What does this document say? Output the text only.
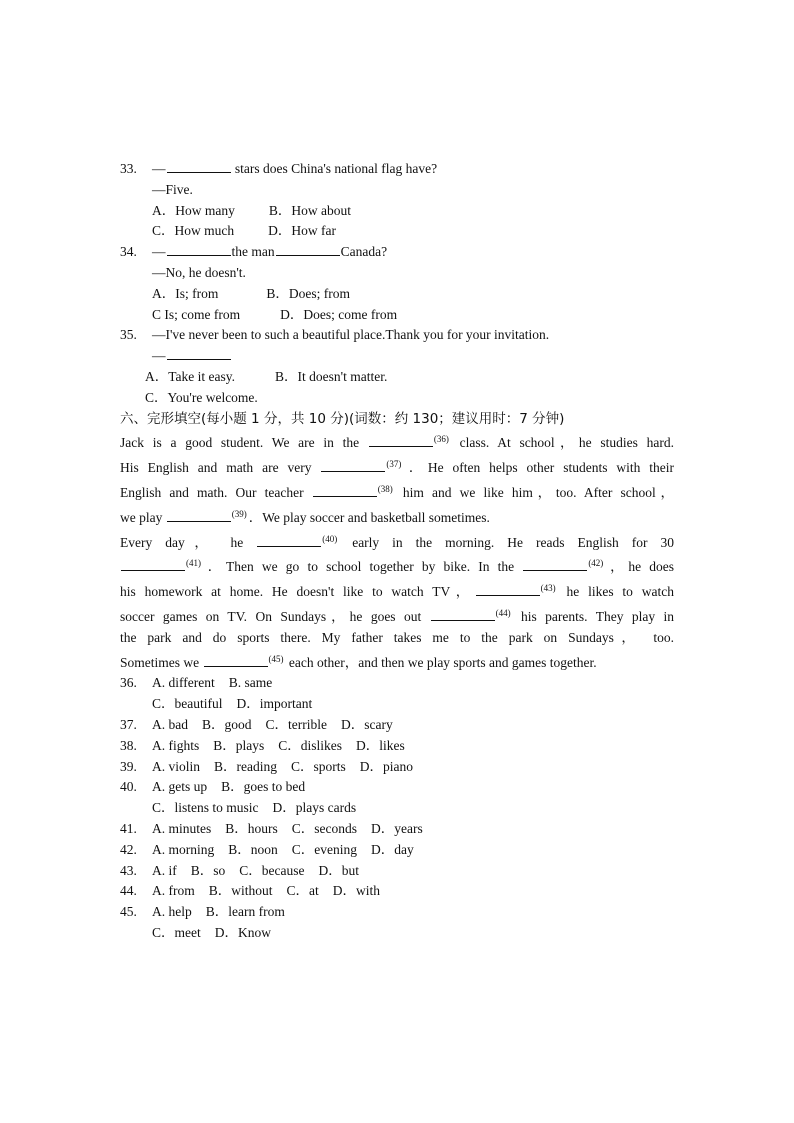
33. —	stars does China's national flag have?
—Five.
A．How many	B．How about
C．How much	D．How far
34. —	the man	Canada?
—No, he doesn't.
A．Is; from	B．Does; from
C Is; come from	D．Does; come from
35. —I've never been to such a beautiful place.Thank you for your invitation.
—
A．Take it easy.	B．It doesn't matter.
C．You're welcome.
六、完形填空(每小题 1 分，共 10 分)(词数：约 130；建议用时：7 分钟)
Jack is a good student. We are in the	$^{(36)}$ class. At school，he studies hard.
His English and math are very	$^{(37)}$ ．He often helps other students with their
English and math. Our teacher	$^{(38)}$ him and we like him，too. After school，
we play	$^{(39)}$ ．We play soccer and basketball sometimes.
Every day， he	$^{(40)}$ early in the morning. He reads English for 30
$^{(41)}$ ．Then we go to school together by bike. In the	$^{(42)}$ ，he does
his homework at home. He doesn't like to watch TV，	$^{(43)}$ he likes to watch
soccer games on TV. On Sundays，he goes out	$^{(44)}$ his parents. They play in
the park and do sports there. My father takes me to the park on Sundays， too.
Sometimes we	$^{(45)}$ each other，and then we play sports and games together.
36. A. different B. same
C．beautiful D．important
37. A. bad B．good C．terrible D．scary
38. A. fights B．plays C．dislikes D．likes
39. A. violin B．reading C．sports D．piano
40. A. gets up B．goes to bed
C．listens to music D．plays cards
41. A. minutes B．hours C．seconds D．years
42. A. morning B．noon C．evening D．day
43. A. if B．so C．because D．but
44. A. from B．without C．at D．with
45. A. help B．learn from
C．meet D．Know
